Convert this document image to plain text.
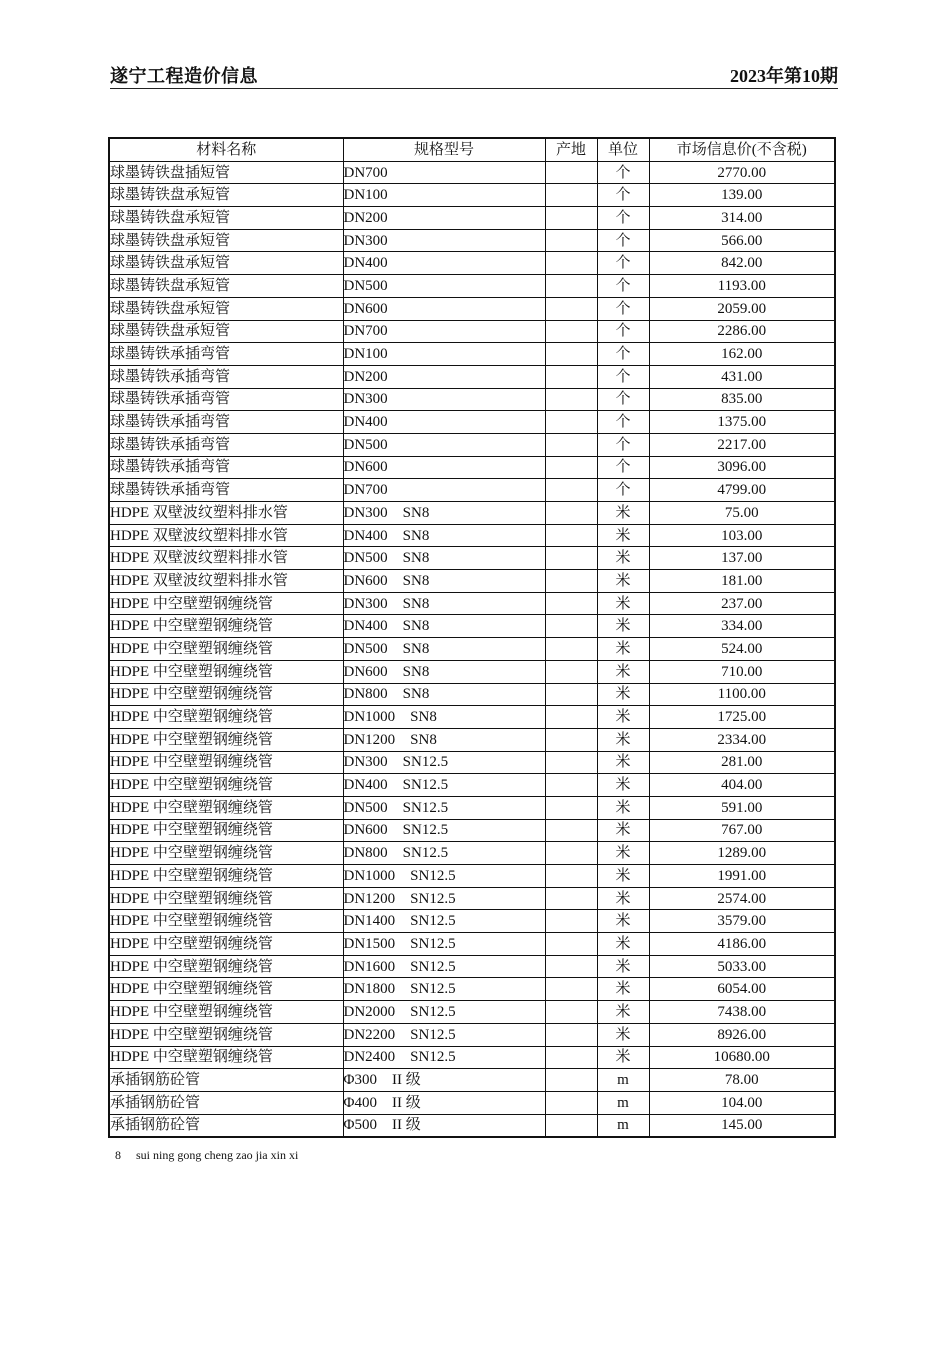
遂宁工程造价信息	2023年第10期
材料名称	规格型号	产地	单位	市场信息价(不含税)
球墨铸铁盘插短管	DN700		个	2770.00
球墨铸铁盘承短管	DN100		个	139.00
球墨铸铁盘承短管	DN200		个	314.00
球墨铸铁盘承短管	DN300		个	566.00
球墨铸铁盘承短管	DN400		个	842.00
球墨铸铁盘承短管	DN500		个	1193.00
球墨铸铁盘承短管	DN600		个	2059.00
球墨铸铁盘承短管	DN700		个	2286.00
球墨铸铁承插弯管	DN100		个	162.00
球墨铸铁承插弯管	DN200		个	431.00
球墨铸铁承插弯管	DN300		个	835.00
球墨铸铁承插弯管	DN400		个	1375.00
球墨铸铁承插弯管	DN500		个	2217.00
球墨铸铁承插弯管	DN600		个	3096.00
球墨铸铁承插弯管	DN700		个	4799.00
HDPE 双壁波纹塑料排水管	DN300　SN8		米	75.00
HDPE 双壁波纹塑料排水管	DN400　SN8		米	103.00
HDPE 双壁波纹塑料排水管	DN500　SN8		米	137.00
HDPE 双壁波纹塑料排水管	DN600　SN8		米	181.00
HDPE 中空壁塑钢缠绕管	DN300　SN8		米	237.00
HDPE 中空壁塑钢缠绕管	DN400　SN8		米	334.00
HDPE 中空壁塑钢缠绕管	DN500　SN8		米	524.00
HDPE 中空壁塑钢缠绕管	DN600　SN8		米	710.00
HDPE 中空壁塑钢缠绕管	DN800　SN8		米	1100.00
HDPE 中空壁塑钢缠绕管	DN1000　SN8		米	1725.00
HDPE 中空壁塑钢缠绕管	DN1200　SN8		米	2334.00
HDPE 中空壁塑钢缠绕管	DN300　SN12.5		米	281.00
HDPE 中空壁塑钢缠绕管	DN400　SN12.5		米	404.00
HDPE 中空壁塑钢缠绕管	DN500　SN12.5		米	591.00
HDPE 中空壁塑钢缠绕管	DN600　SN12.5		米	767.00
HDPE 中空壁塑钢缠绕管	DN800　SN12.5		米	1289.00
HDPE 中空壁塑钢缠绕管	DN1000　SN12.5		米	1991.00
HDPE 中空壁塑钢缠绕管	DN1200　SN12.5		米	2574.00
HDPE 中空壁塑钢缠绕管	DN1400　SN12.5		米	3579.00
HDPE 中空壁塑钢缠绕管	DN1500　SN12.5		米	4186.00
HDPE 中空壁塑钢缠绕管	DN1600　SN12.5		米	5033.00
HDPE 中空壁塑钢缠绕管	DN1800　SN12.5		米	6054.00
HDPE 中空壁塑钢缠绕管	DN2000　SN12.5		米	7438.00
HDPE 中空壁塑钢缠绕管	DN2200　SN12.5		米	8926.00
HDPE 中空壁塑钢缠绕管	DN2400　SN12.5		米	10680.00
承插钢筋砼管	Φ300　II 级		m	78.00
承插钢筋砼管	Φ400　II 级		m	104.00
承插钢筋砼管	Φ500　II 级		m	145.00
8 sui ning gong cheng zao jia xin xi
